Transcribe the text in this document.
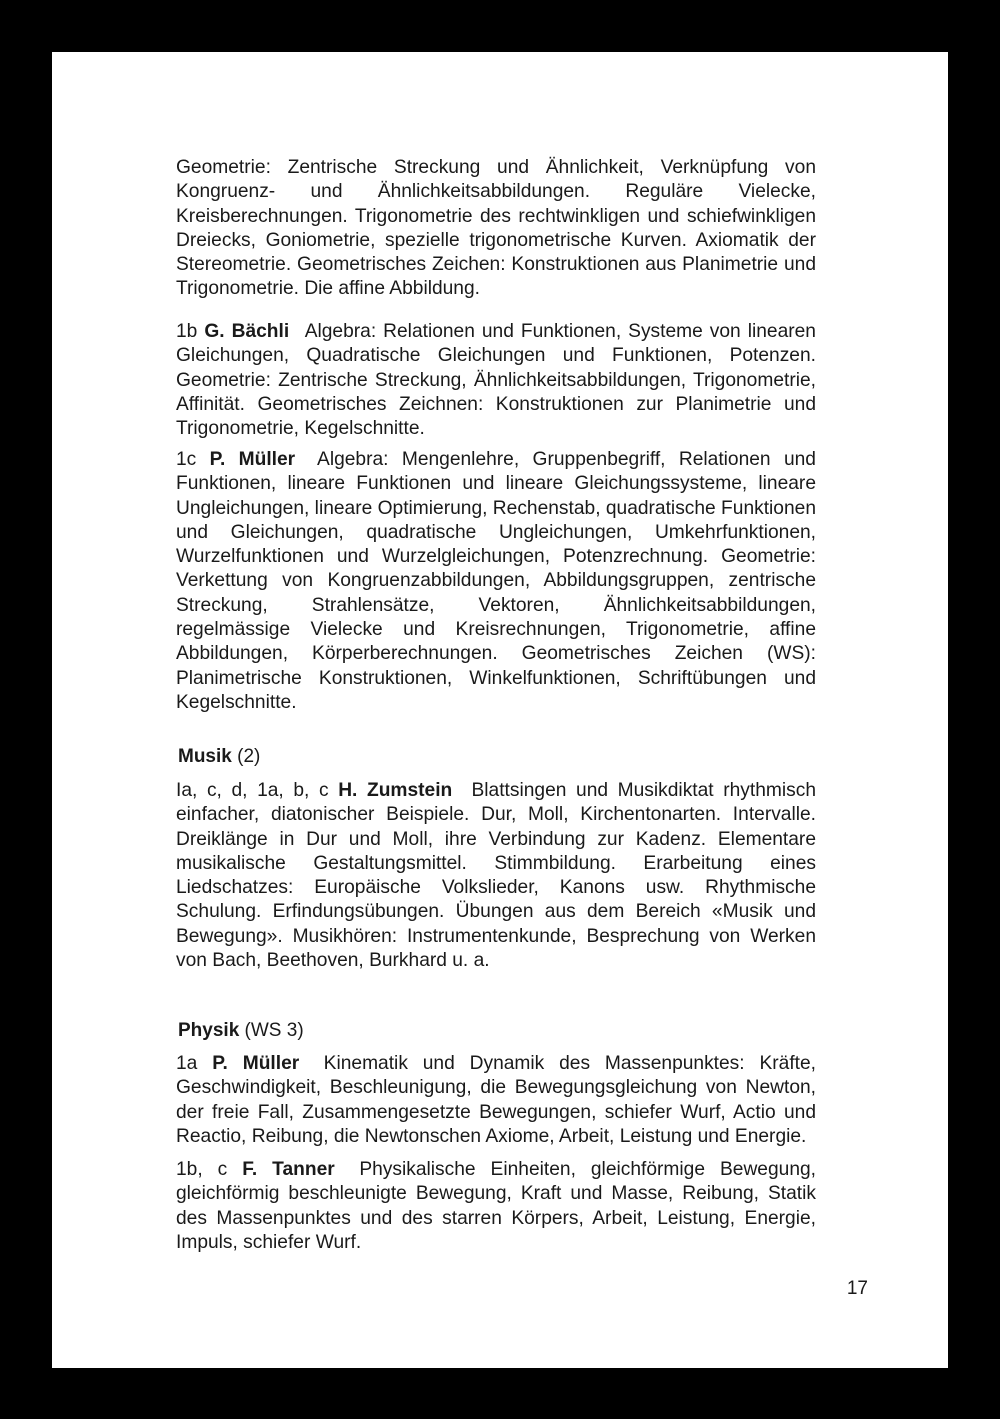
Geometrie: Zentrische Streckung und Ähnlichkeit, Verknüpfung von Kongruenz- und Ähnlichkeitsabbildungen. Reguläre Vielecke, Kreisberechnungen. Trigonometrie des rechtwinkligen und schiefwinkligen Dreiecks, Goniometrie, spezielle trigonometrische Kurven. Axiomatik der Stereometrie. Geometrisches Zeichen: Konstruktionen aus Planimetrie und Trigonometrie. Die affine Abbildung.

1b G. Bächli Algebra: Relationen und Funktionen, Systeme von linearen Gleichungen, Quadratische Gleichungen und Funktionen, Potenzen. Geometrie: Zentrische Streckung, Ähnlichkeitsabbildungen, Trigonometrie, Affinität. Geometrisches Zeichnen: Konstruktionen zur Planimetrie und Trigonometrie, Kegelschnitte.

1c P. Müller Algebra: Mengenlehre, Gruppenbegriff, Relationen und Funktionen, lineare Funktionen und lineare Gleichungssysteme, lineare Ungleichungen, lineare Optimierung, Rechenstab, quadratische Funktionen und Gleichungen, quadratische Ungleichungen, Umkehrfunktionen, Wurzelfunktionen und Wurzelgleichungen, Potenzrechnung. Geometrie: Verkettung von Kongruenzabbildungen, Abbildungsgruppen, zentrische Streckung, Strahlensätze, Vektoren, Ähnlichkeitsabbildungen, regelmässige Vielecke und Kreisrechnungen, Trigonometrie, affine Abbildungen, Körperberechnungen. Geometrisches Zeichen (WS): Planimetrische Konstruktionen, Winkelfunktionen, Schriftübungen und Kegelschnitte.

Musik (2)

Ia, c, d, 1a, b, c H. Zumstein Blattsingen und Musikdiktat rhythmisch einfacher, diatonischer Beispiele. Dur, Moll, Kirchentonarten. Intervalle. Dreiklänge in Dur und Moll, ihre Verbindung zur Kadenz. Elementare musikalische Gestaltungsmittel. Stimmbildung. Erarbeitung eines Liedschatzes: Europäische Volkslieder, Kanons usw. Rhythmische Schulung. Erfindungsübungen. Übungen aus dem Bereich «Musik und Bewegung». Musikhören: Instrumentenkunde, Besprechung von Werken von Bach, Beethoven, Burkhard u. a.

Physik (WS 3)

1a P. Müller Kinematik und Dynamik des Massenpunktes: Kräfte, Geschwindigkeit, Beschleunigung, die Bewegungsgleichung von Newton, der freie Fall, Zusammengesetzte Bewegungen, schiefer Wurf, Actio und Reactio, Reibung, die Newtonschen Axiome, Arbeit, Leistung und Energie.

1b, c F. Tanner Physikalische Einheiten, gleichförmige Bewegung, gleichförmig beschleunigte Bewegung, Kraft und Masse, Reibung, Statik des Massenpunktes und des starren Körpers, Arbeit, Leistung, Energie, Impuls, schiefer Wurf.

17
